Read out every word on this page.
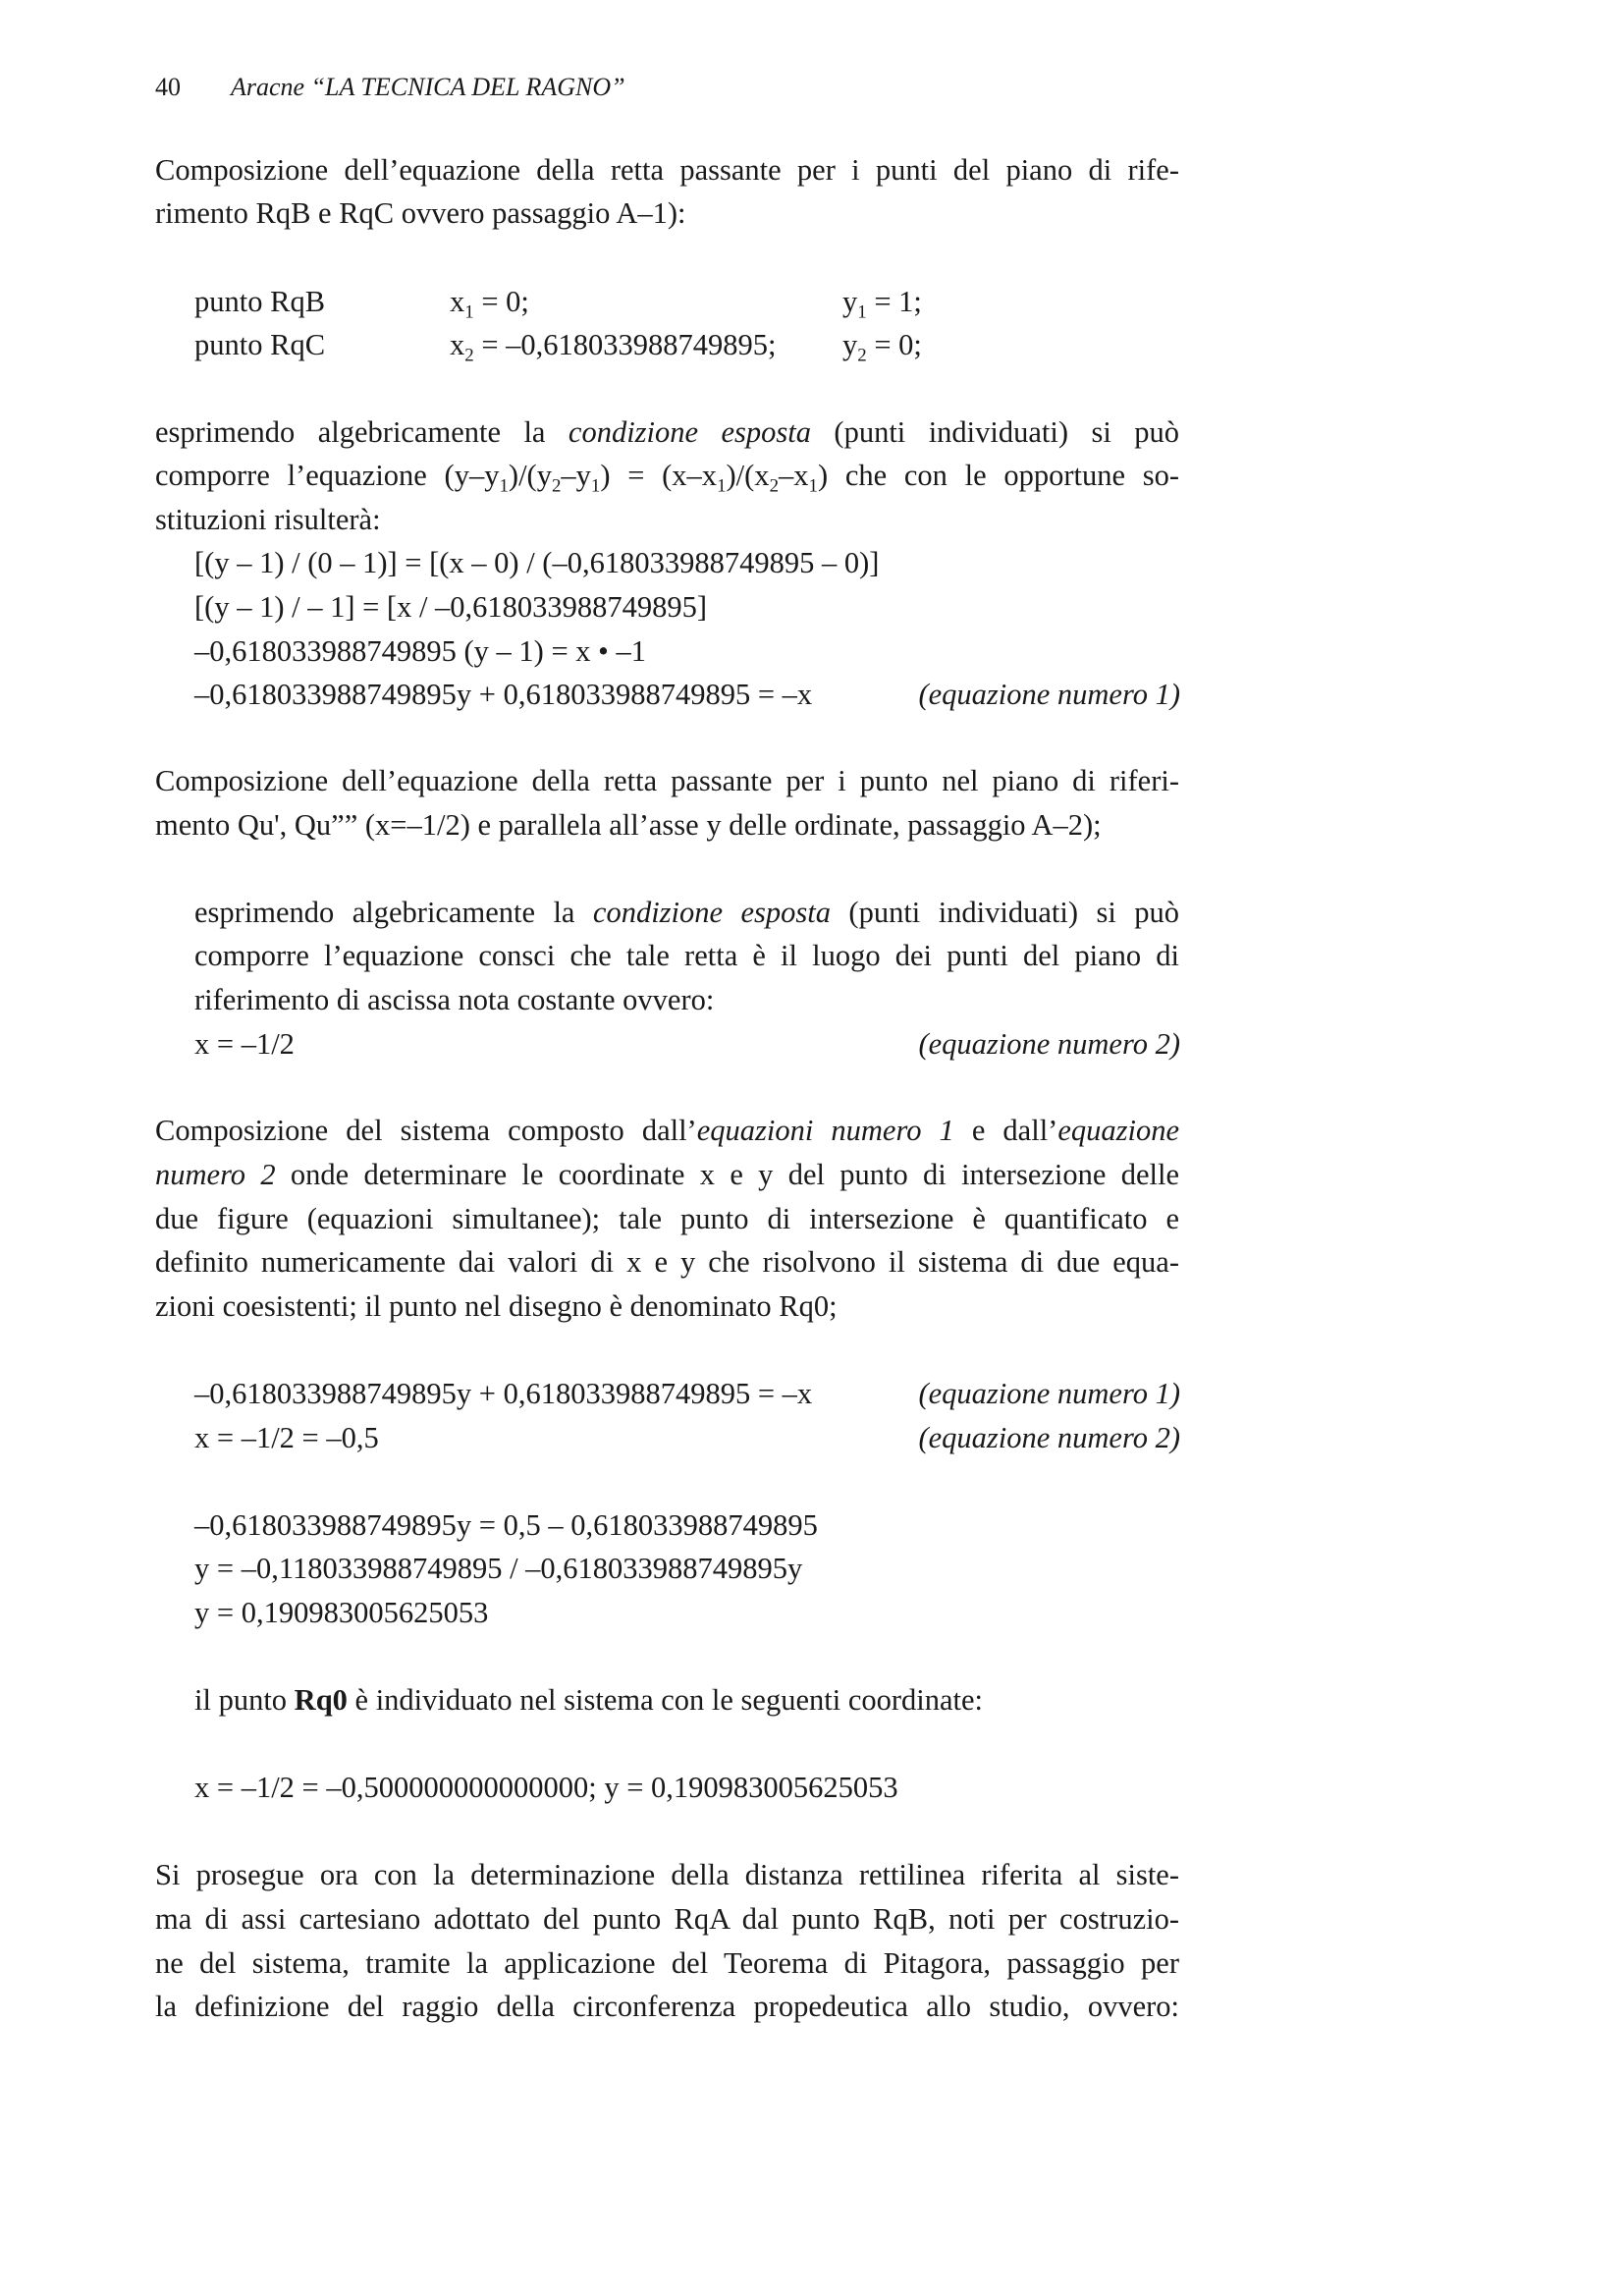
40 Aracne “LA TECNICA DEL RAGNO”
Composizione dell’equazione della retta passante per i punti del piano di rife-
rimento RqB e RqC ovvero passaggio A–1):
punto RqB	$x_1 = 0$;	$y_1 = 1$;
punto RqC	$x_2 = -0,618033988749895$; $y_2 = 0$;
esprimendo algebricamente la condizione esposta (punti individuati) si può
comporre l’equazione $(y-y_1)/(y_2-y_1) = (x-x_1)/(x_2-x_1)$ che con le opportune so-
stituzioni risulterà:
[(y – 1) / (0 – 1)] = [(x – 0) / (–0,618033988749895 – 0)]
[(y – 1) / – 1] = [x / –0,618033988749895]
–0,618033988749895 (y – 1) = x • –1
–0,618033988749895y + 0,618033988749895 = –x	(equazione numero 1)
Composizione dell’equazione della retta passante per i punto nel piano di riferi-
mento Qu', Qu”” (x=–1/2) e parallela all’asse y delle ordinate, passaggio A–2);
esprimendo algebricamente la condizione esposta (punti individuati) si può
comporre l’equazione consci che tale retta è il luogo dei punti del piano di
riferimento di ascissa nota costante ovvero:
x = –1/2	(equazione numero 2)
Composizione del sistema composto dall’equazioni numero 1 e dall’equazione
numero 2 onde determinare le coordinate x e y del punto di intersezione delle
due figure (equazioni simultanee); tale punto di intersezione è quantificato e
definito numericamente dai valori di x e y che risolvono il sistema di due equa-
zioni coesistenti; il punto nel disegno è denominato Rq0;
–0,618033988749895y + 0,618033988749895 = –x	(equazione numero 1)
x = –1/2 = –0,5	(equazione numero 2)
–0,618033988749895y = 0,5 – 0,618033988749895
y = –0,118033988749895 / –0,618033988749895y
y = 0,190983005625053
il punto Rq0 è individuato nel sistema con le seguenti coordinate:
x = –1/2 = –0,500000000000000; y = 0,190983005625053
Si prosegue ora con la determinazione della distanza rettilinea riferita al siste-
ma di assi cartesiano adottato del punto RqA dal punto RqB, noti per costruzio-
ne del sistema, tramite la applicazione del Teorema di Pitagora, passaggio per
la definizione del raggio della circonferenza propedeutica allo studio, ovvero:
